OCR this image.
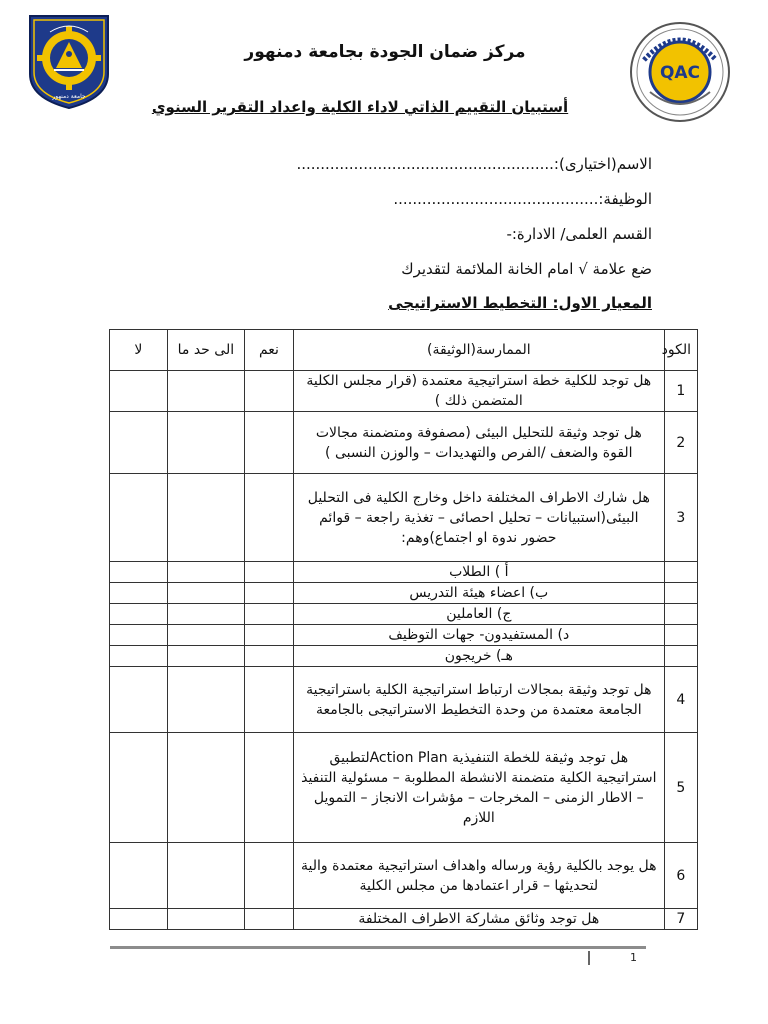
جامعة دمنهور
مركز ضمان الجودة بجامعة دمنهور
QAC
أستبيان التقييم الذاتي لاداء الكلية واعداد التقرير السنوي
الاسم(اختيارى):......................................................
الوظيفة:...........................................
القسم العلمى/ الادارة:-
ضع علامة √ امام الخانة الملائمة لتقديرك
المعيار الاول: التخطيط الاستراتيجى
الكود	الممارسة(الوثيقة)	نعم	الى حد ما	لا
1	هل توجد للكلية خطة استراتيجية معتمدة (قرار مجلس الكلية المتضمن ذلك )			
2	هل توجد وثيقة للتحليل البيئى (مصفوفة ومتضمنة مجالات القوة والضعف /الفرص والتهديدات – والوزن النسبى )			
3	هل شارك الاطراف المختلفة داخل وخارج الكلية فى التحليل البيئى(استبيانات – تحليل احصائى – تغذية راجعة – قوائم حضور ندوة او اجتماع)وهم:			
	أ ) الطلاب			
	ب) اعضاء هيئة التدريس			
	ج) العاملين			
	د) المستفيدون- جهات التوظيف			
	هـ) خريجون			
4	هل توجد وثيقة بمجالات ارتباط استراتيجية الكلية باستراتيجية الجامعة معتمدة من وحدة التخطيط الاستراتيجى بالجامعة			
5	هل توجد وثيقة للخطة التنفيذية Action Planلتطبيق استراتيجية الكلية متضمنة الانشطة المطلوبة – مسئولية التنفيذ – الاطار الزمنى – المخرجات – مؤشرات الانجاز – التمويل اللازم			
6	هل يوجد بالكلية رؤية ورساله واهداف استراتيجية معتمدة والية لتحديثها – قرار اعتمادها من مجلس الكلية			
7	هل توجد وثائق مشاركة الاطراف المختلفة			
1
